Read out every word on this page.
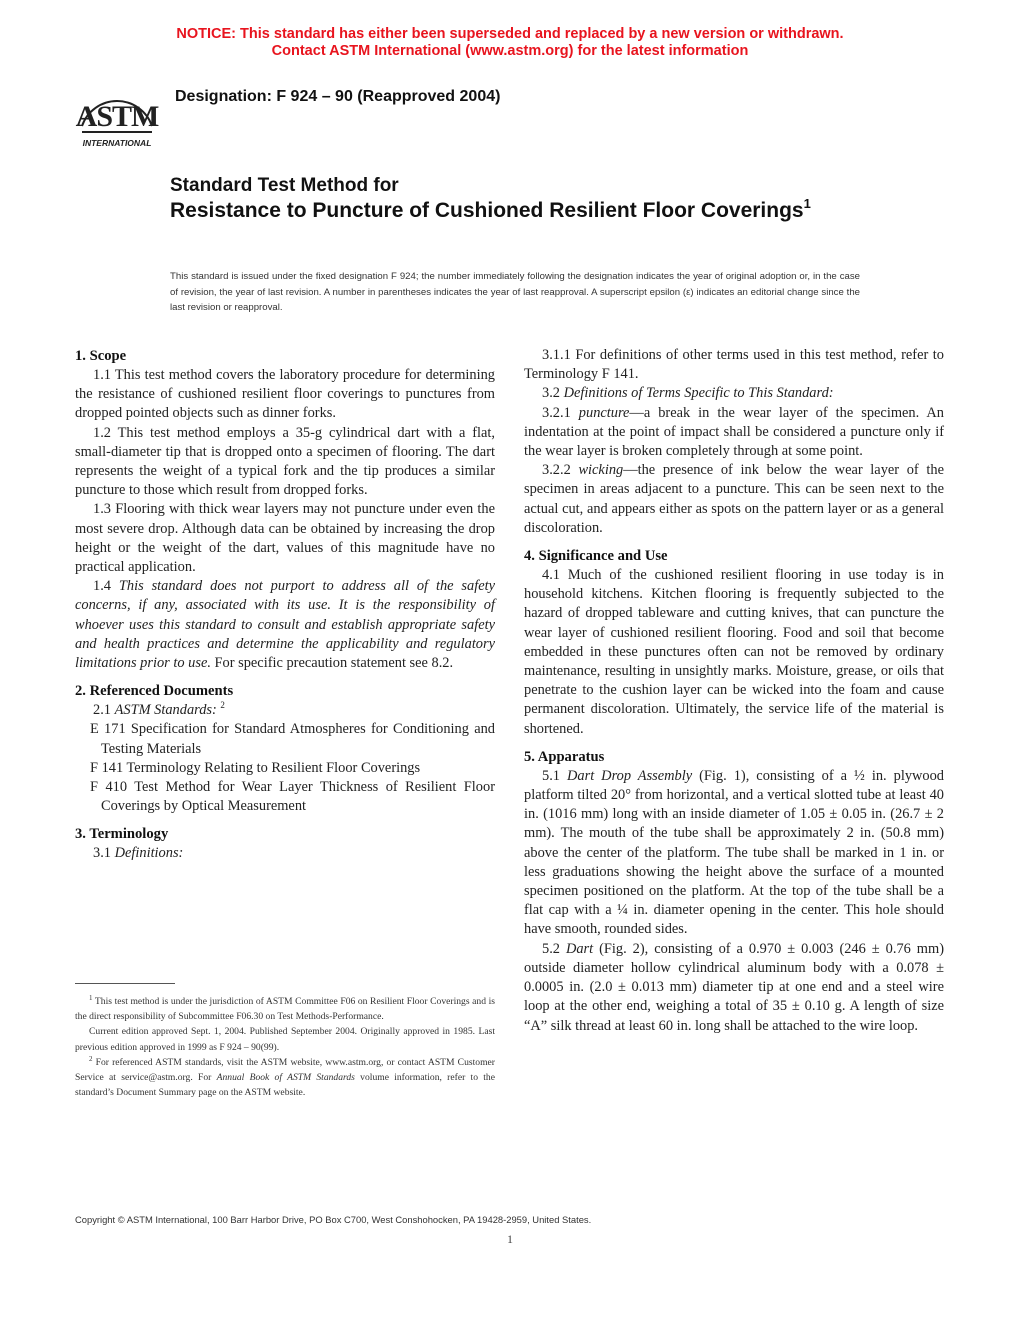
NOTICE: This standard has either been superseded and replaced by a new version or withdrawn.
Contact ASTM International (www.astm.org) for the latest information
ASTM
INTERNATIONAL
Designation: F 924 – 90 (Reapproved 2004)
Standard Test Method for
Resistance to Puncture of Cushioned Resilient Floor Coverings$^1$
This standard is issued under the fixed designation F 924; the number immediately following the designation indicates the year of original adoption or, in the case of revision, the year of last revision. A number in parentheses indicates the year of last reapproval. A superscript epsilon (ε) indicates an editorial change since the last revision or reapproval.
1. Scope

1.1 This test method covers the laboratory procedure for determining the resistance of cushioned resilient floor coverings to punctures from dropped pointed objects such as dinner forks.

1.2 This test method employs a 35-g cylindrical dart with a flat, small-diameter tip that is dropped onto a specimen of flooring. The dart represents the weight of a typical fork and the tip produces a similar puncture to those which result from dropped forks.

1.3 Flooring with thick wear layers may not puncture under even the most severe drop. Although data can be obtained by increasing the drop height or the weight of the dart, values of this magnitude have no practical application.

1.4 This standard does not purport to address all of the safety concerns, if any, associated with its use. It is the responsibility of whoever uses this standard to consult and establish appropriate safety and health practices and determine the applicability and regulatory limitations prior to use. For specific precaution statement see 8.2.

2. Referenced Documents

2.1 ASTM Standards: $^2$

E 171 Specification for Standard Atmospheres for Conditioning and Testing Materials

F 141 Terminology Relating to Resilient Floor Coverings

F 410 Test Method for Wear Layer Thickness of Resilient Floor Coverings by Optical Measurement

3. Terminology

3.1 Definitions:

$^1$ This test method is under the jurisdiction of ASTM Committee F06 on Resilient Floor Coverings and is the direct responsibility of Subcommittee F06.30 on Test Methods-Performance.

Current edition approved Sept. 1, 2004. Published September 2004. Originally approved in 1985. Last previous edition approved in 1999 as F 924 – 90(99).

$^2$ For referenced ASTM standards, visit the ASTM website, www.astm.org, or contact ASTM Customer Service at service@astm.org. For Annual Book of ASTM Standards volume information, refer to the standard’s Document Summary page on the ASTM website.

3.1.1 For definitions of other terms used in this test method, refer to Terminology F 141.

3.2 Definitions of Terms Specific to This Standard:

3.2.1 puncture—a break in the wear layer of the specimen. An indentation at the point of impact shall be considered a puncture only if the wear layer is broken completely through at some point.

3.2.2 wicking—the presence of ink below the wear layer of the specimen in areas adjacent to a puncture. This can be seen next to the actual cut, and appears either as spots on the pattern layer or as a general discoloration.

4. Significance and Use

4.1 Much of the cushioned resilient flooring in use today is in household kitchens. Kitchen flooring is frequently subjected to the hazard of dropped tableware and cutting knives, that can puncture the wear layer of cushioned resilient flooring. Food and soil that become embedded in these punctures often can not be removed by ordinary maintenance, resulting in unsightly marks. Moisture, grease, or oils that penetrate to the cushion layer can be wicked into the foam and cause permanent discoloration. Ultimately, the service life of the material is shortened.

5. Apparatus

5.1 Dart Drop Assembly (Fig. 1), consisting of a ½ in. plywood platform tilted 20° from horizontal, and a vertical slotted tube at least 40 in. (1016 mm) long with an inside diameter of 1.05 ± 0.05 in. (26.7 ± 2 mm). The mouth of the tube shall be approximately 2 in. (50.8 mm) above the center of the platform. The tube shall be marked in 1 in. or less graduations showing the height above the surface of a mounted specimen positioned on the platform. At the top of the tube shall be a flat cap with a ¼ in. diameter opening in the center. This hole should have smooth, rounded sides.

5.2 Dart (Fig. 2), consisting of a 0.970 ± 0.003 (246 ± 0.76 mm) outside diameter hollow cylindrical aluminum body with a 0.078 ± 0.0005 in. (2.0 ± 0.013 mm) diameter tip at one end and a steel wire loop at the other end, weighing a total of 35 ± 0.10 g. A length of size “A” silk thread at least 60 in. long shall be attached to the wire loop.

Copyright © ASTM International, 100 Barr Harbor Drive, PO Box C700, West Conshohocken, PA 19428-2959, United States.
1
